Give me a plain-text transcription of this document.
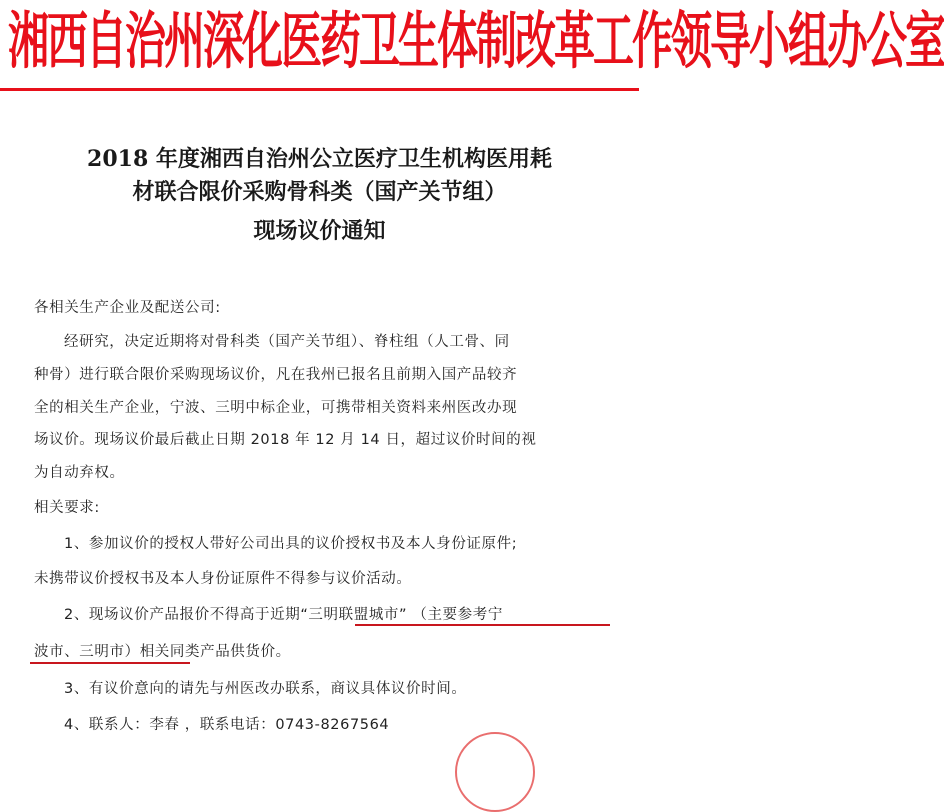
湘西自治州深化医药卫生体制改革工作领导小组办公室
2018 年度湘西自治州公立医疗卫生机构医用耗
材联合限价采购骨科类（国产关节组）
现场议价通知
各相关生产企业及配送公司:
经研究，决定近期将对骨科类（国产关节组）、脊柱组（人工骨、同
种骨）进行联合限价采购现场议价，凡在我州已报名且前期入国产品较齐
全的相关生产企业，宁波、三明中标企业，可携带相关资料来州医改办现
场议价。现场议价最后截止日期 2018 年 12 月 14 日，超过议价时间的视
为自动弃权。
相关要求:
1、参加议价的授权人带好公司出具的议价授权书及本人身份证原件;
未携带议价授权书及本人身份证原件不得参与议价活动。
2、现场议价产品报价不得高于近期“三明联盟城市” （主要参考宁
波市、三明市）相关同类产品供货价。
3、有议价意向的请先与州医改办联系，商议具体议价时间。
4、联系人：李春 ，联系电话：0743-8267564
